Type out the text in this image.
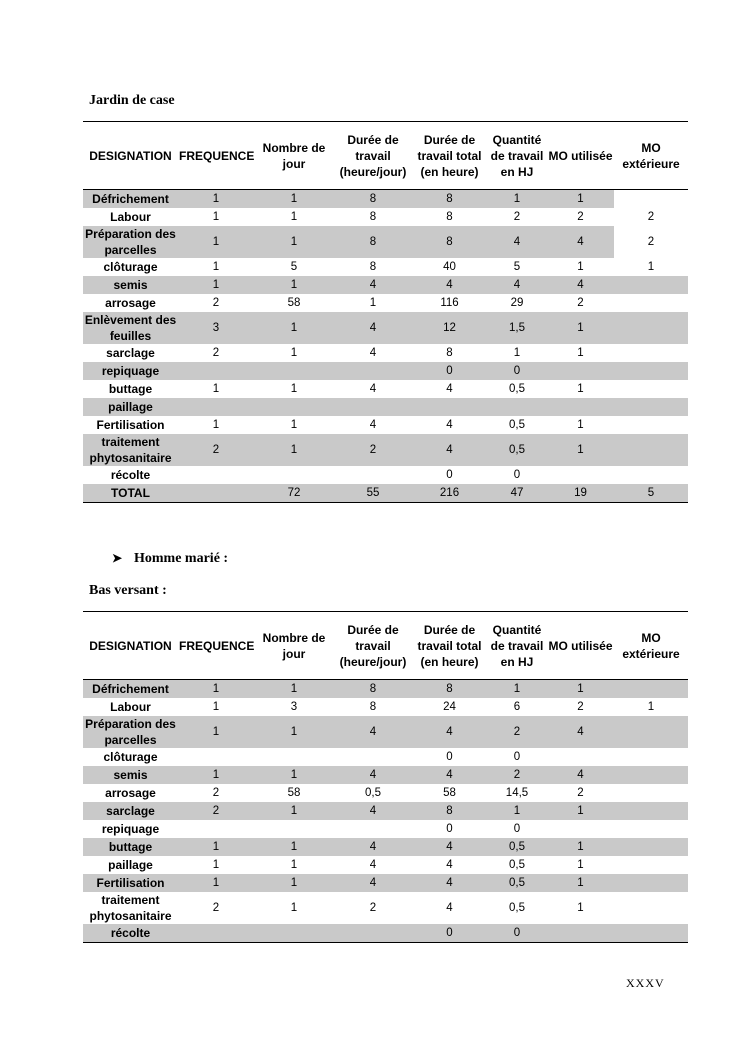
Jardin de case
DESIGNATION	FREQUENCE	Nombre de jour	Durée de travail (heure/jour)	Durée de travail total (en heure)	Quantité de travail en HJ	MO utilisée	MO extérieure
Défrichement	1	1	8	8	1	1	
Labour	1	1	8	8	2	2	2
Préparation des parcelles	1	1	8	8	4	4	2
clôturage	1	5	8	40	5	1	1
semis	1	1	4	4	4	4	
arrosage	2	58	1	116	29	2	
Enlèvement des feuilles	3	1	4	12	1,5	1	
sarclage	2	1	4	8	1	1	
repiquage				0	0		
buttage	1	1	4	4	0,5	1	
paillage							
Fertilisation	1	1	4	4	0,5	1	
traitement phytosanitaire	2	1	2	4	0,5	1	
récolte				0	0		
TOTAL		72	55	216	47	19	5
➤ Homme marié :
Bas versant :
DESIGNATION	FREQUENCE	Nombre de jour	Durée de travail (heure/jour)	Durée de travail total (en heure)	Quantité de travail en HJ	MO utilisée	MO extérieure
Défrichement	1	1	8	8	1	1	
Labour	1	3	8	24	6	2	1
Préparation des parcelles	1	1	4	4	2	4	
clôturage				0	0		
semis	1	1	4	4	2	4	
arrosage	2	58	0,5	58	14,5	2	
sarclage	2	1	4	8	1	1	
repiquage				0	0		
buttage	1	1	4	4	0,5	1	
paillage	1	1	4	4	0,5	1	
Fertilisation	1	1	4	4	0,5	1	
traitement phytosanitaire	2	1	2	4	0,5	1	
récolte				0	0		
XXXV
